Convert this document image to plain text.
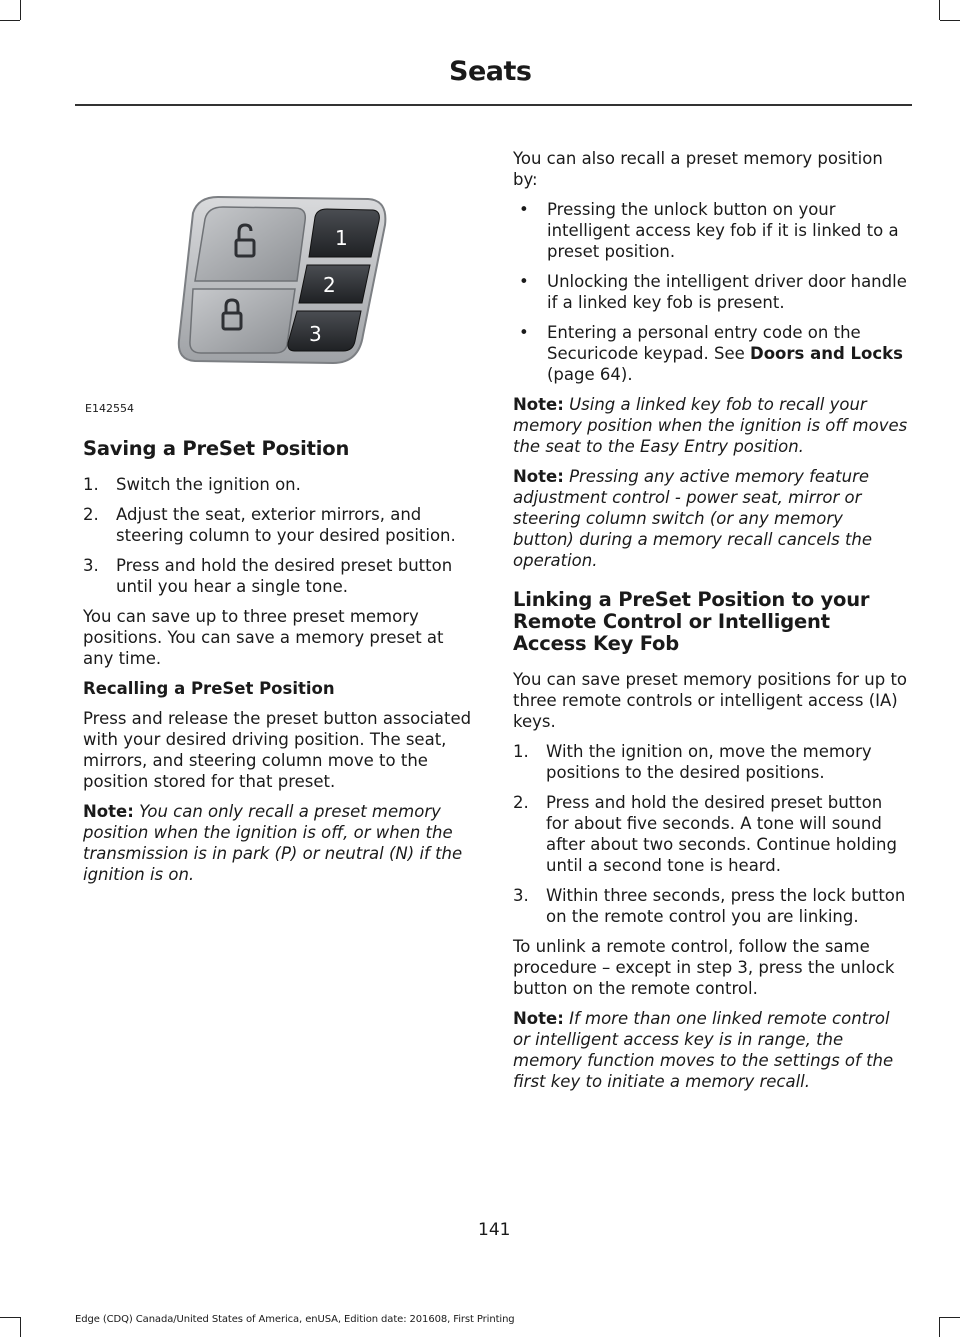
Seats
1
2
3
E142554
Saving a PreSet Position
1. Switch the ignition on.
2. Adjust the seat, exterior mirrors, and steering column to your desired position.
3. Press and hold the desired preset button until you hear a single tone.

You can save up to three preset memory positions. You can save a memory preset at any time.

Recalling a PreSet Position

Press and release the preset button associated with your desired driving position. The seat, mirrors, and steering column move to the position stored for that preset.

Note: You can only recall a preset memory position when the ignition is off, or when the transmission is in park (P) or neutral (N) if the ignition is on.

You can also recall a preset memory position by:

• Pressing the unlock button on your intelligent access key fob if it is linked to a preset position.
• Unlocking the intelligent driver door handle if a linked key fob is present.
• Entering a personal entry code on the Securicode keypad. See Doors and Locks (page 64).

Note: Using a linked key fob to recall your memory position when the ignition is off moves the seat to the Easy Entry position.

Note: Pressing any active memory feature adjustment control - power seat, mirror or steering column switch (or any memory button) during a memory recall cancels the operation.

Linking a PreSet Position to your Remote Control or Intelligent Access Key Fob

You can save preset memory positions for up to three remote controls or intelligent access (IA) keys.

1. With the ignition on, move the memory positions to the desired positions.
2. Press and hold the desired preset button for about five seconds. A tone will sound after about two seconds. Continue holding until a second tone is heard.
3. Within three seconds, press the lock button on the remote control you are linking.

To unlink a remote control, follow the same procedure – except in step 3, press the unlock button on the remote control.

Note: If more than one linked remote control or intelligent access key is in range, the memory function moves to the settings of the first key to initiate a memory recall.

141
Edge (CDQ) Canada/United States of America, enUSA, Edition date: 201608, First Printing
